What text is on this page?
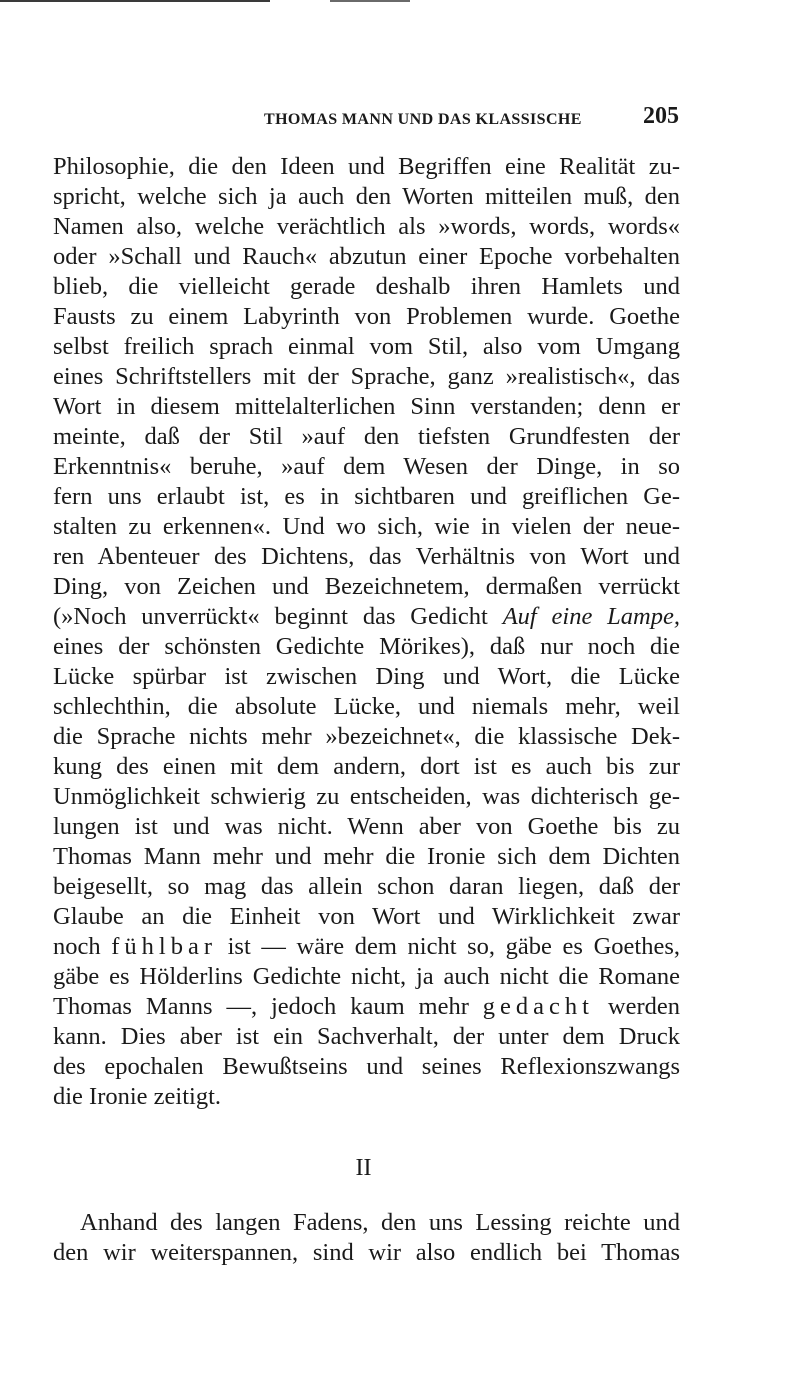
THOMAS MANN UND DAS KLASSISCHE	205
Philosophie, die den Ideen und Begriffen eine Realität zu-
spricht, welche sich ja auch den Worten mitteilen muß, den
Namen also, welche verächtlich als »words, words, words«
oder »Schall und Rauch« abzutun einer Epoche vorbehalten
blieb, die vielleicht gerade deshalb ihren Hamlets und
Fausts zu einem Labyrinth von Problemen wurde. Goethe
selbst freilich sprach einmal vom Stil, also vom Umgang
eines Schriftstellers mit der Sprache, ganz »realistisch«, das
Wort in diesem mittelalterlichen Sinn verstanden; denn er
meinte, daß der Stil »auf den tiefsten Grundfesten der
Erkenntnis« beruhe, »auf dem Wesen der Dinge, in so
fern uns erlaubt ist, es in sichtbaren und greiflichen Ge-
stalten zu erkennen«. Und wo sich, wie in vielen der neue-
ren Abenteuer des Dichtens, das Verhältnis von Wort und
Ding, von Zeichen und Bezeichnetem, dermaßen verrückt
(»Noch unverrückt« beginnt das Gedicht Auf eine Lampe,
eines der schönsten Gedichte Mörikes), daß nur noch die
Lücke spürbar ist zwischen Ding und Wort, die Lücke
schlechthin, die absolute Lücke, und niemals mehr, weil
die Sprache nichts mehr »bezeichnet«, die klassische Dek-
kung des einen mit dem andern, dort ist es auch bis zur
Unmöglichkeit schwierig zu entscheiden, was dichterisch ge-
lungen ist und was nicht. Wenn aber von Goethe bis zu
Thomas Mann mehr und mehr die Ironie sich dem Dichten
beigesellt, so mag das allein schon daran liegen, daß der
Glaube an die Einheit von Wort und Wirklichkeit zwar
noch fühlbar ist — wäre dem nicht so, gäbe es Goethes,
gäbe es Hölderlins Gedichte nicht, ja auch nicht die Romane
Thomas Manns —, jedoch kaum mehr gedacht werden
kann. Dies aber ist ein Sachverhalt, der unter dem Druck
des epochalen Bewußtseins und seines Reflexionszwangs
die Ironie zeitigt.
II
Anhand des langen Fadens, den uns Lessing reichte und
den wir weiterspannen, sind wir also endlich bei Thomas
